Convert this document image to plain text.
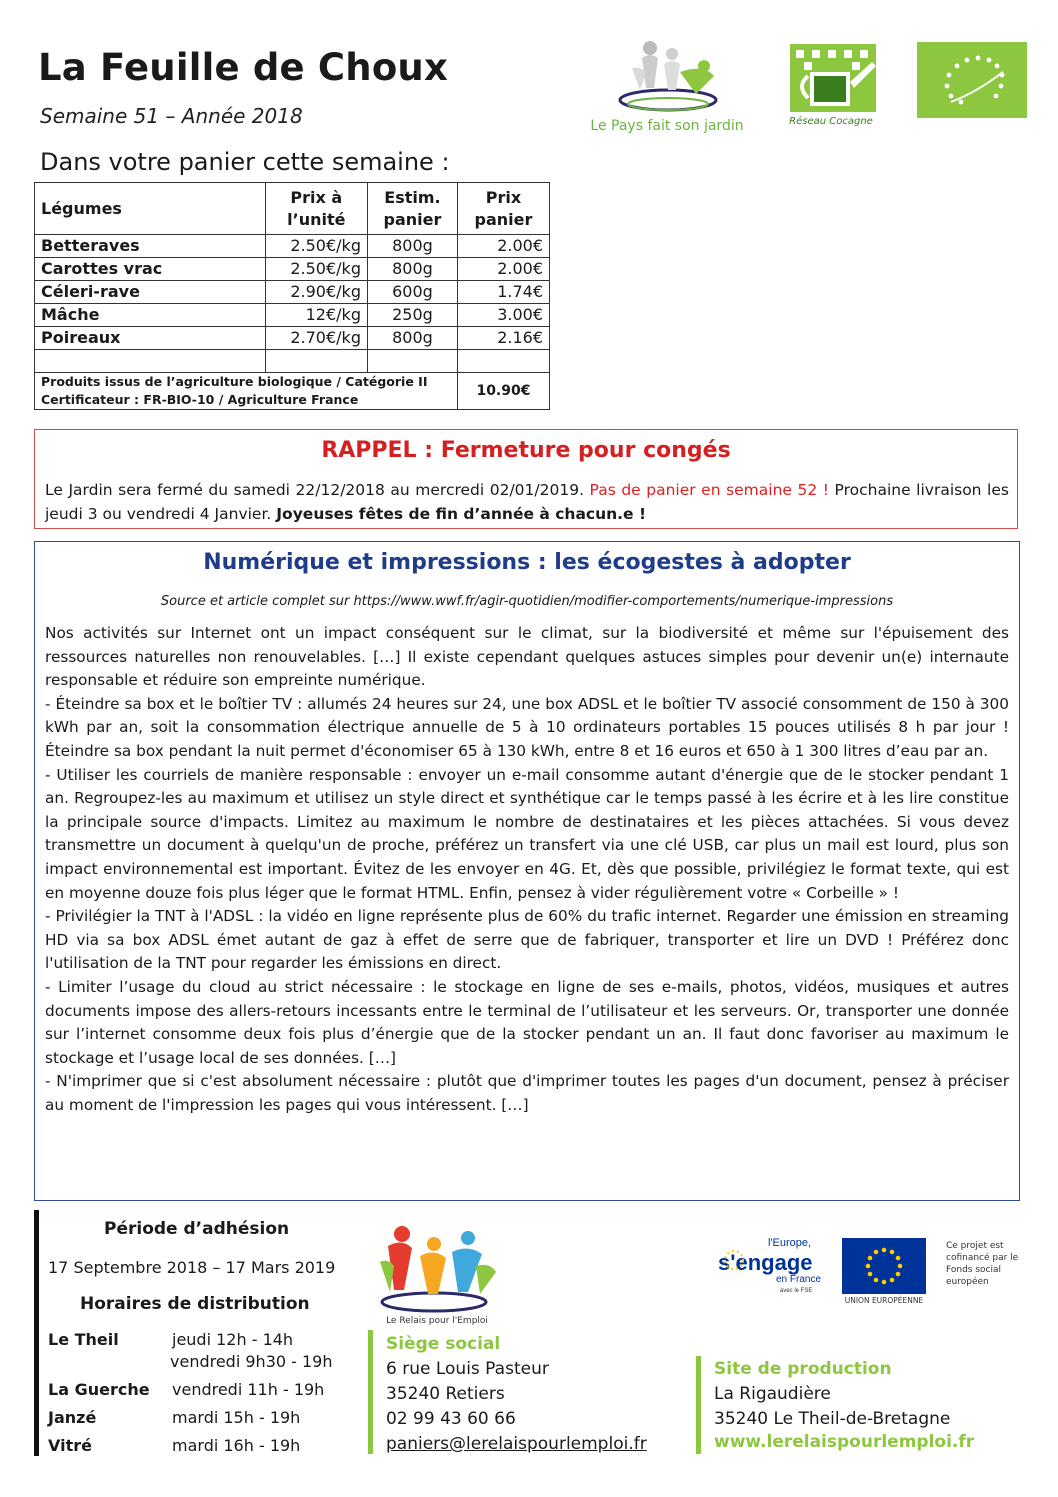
La Feuille de Choux
Semaine 51 – Année 2018
Dans votre panier cette semaine :
Le Pays fait son jardin	Réseau Cocagne
Légumes	Prix à l’unité	Estim. panier	Prix panier
Betteraves	2.50€/kg	800g	2.00€
Carottes vrac	2.50€/kg	800g	2.00€
Céleri-rave	2.90€/kg	600g	1.74€
Mâche	12€/kg	250g	3.00€
Poireaux	2.70€/kg	800g	2.16€

Produits issus de l’agriculture biologique / Catégorie II
Certificateur : FR-BIO-10 / Agriculture France			10.90€
RAPPEL : Fermeture pour congés
Le Jardin sera fermé du samedi 22/12/2018 au mercredi 02/01/2019. Pas de panier en semaine 52 ! Prochaine livraison les jeudi 3 ou vendredi 4 Janvier. Joyeuses fêtes de fin d’année à chacun.e !
Numérique et impressions : les écogestes à adopter
Source et article complet sur https://www.wwf.fr/agir-quotidien/modifier-comportements/numerique-impressions

Nos activités sur Internet ont un impact conséquent sur le climat, sur la biodiversité et même sur l'épuisement des ressources naturelles non renouvelables. […] Il existe cependant quelques astuces simples pour devenir un(e) internaute responsable et réduire son empreinte numérique.

- Éteindre sa box et le boîtier TV : allumés 24 heures sur 24, une box ADSL et le boîtier TV associé consomment de 150 à 300 kWh par an, soit la consommation électrique annuelle de 5 à 10 ordinateurs portables 15 pouces utilisés 8 h par jour ! Éteindre sa box pendant la nuit permet d'économiser 65 à 130 kWh, entre 8 et 16 euros et 650 à 1 300 litres d’eau par an.

- Utiliser les courriels de manière responsable : envoyer un e-mail consomme autant d'énergie que de le stocker pendant 1 an. Regroupez-les au maximum et utilisez un style direct et synthétique car le temps passé à les écrire et à les lire constitue la principale source d'impacts. Limitez au maximum le nombre de destinataires et les pièces attachées. Si vous devez transmettre un document à quelqu'un de proche, préférez un transfert via une clé USB, car plus un mail est lourd, plus son impact environnemental est important. Évitez de les envoyer en 4G. Et, dès que possible, privilégiez le format texte, qui est en moyenne douze fois plus léger que le format HTML. Enfin, pensez à vider régulièrement votre « Corbeille » !

- Privilégier la TNT à l'ADSL : la vidéo en ligne représente plus de 60% du trafic internet. Regarder une émission en streaming HD via sa box ADSL émet autant de gaz à effet de serre que de fabriquer, transporter et lire un DVD ! Préférez donc l'utilisation de la TNT pour regarder les émissions en direct.

- Limiter l’usage du cloud au strict nécessaire : le stockage en ligne de ses e-mails, photos, vidéos, musiques et autres documents impose des allers-retours incessants entre le terminal de l’utilisateur et les serveurs. Or, transporter une donnée sur l’internet consomme deux fois plus d’énergie que de la stocker pendant un an. Il faut donc favoriser au maximum le stockage et l’usage local de ses données. […]

- N'imprimer que si c'est absolument nécessaire : plutôt que d'imprimer toutes les pages d'un document, pensez à préciser au moment de l'impression les pages qui vous intéressent. […]

Période d’adhésion
17 Septembre 2018 – 17 Mars 2019
Horaires de distribution
Le Theil	jeudi 12h - 14h
vendredi 9h30 - 19h
La Guerche vendredi 11h - 19h
Janzé	mardi 15h - 19h
Vitré	mardi 16h - 19h
Le Relais pour l'Emploi
Siège social
6 rue Louis Pasteur
35240 Retiers
02 99 43 60 66
paniers@lerelaispourlemploi.fr
Site de production
La Rigaudière
35240 Le Theil-de-Bretagne
www.lerelaispourlemploi.fr
l'Europe,
s'engage
en France
avec le FSE
UNION EUROPÉENNE
Ce projet est cofinancé par le Fonds social européen
